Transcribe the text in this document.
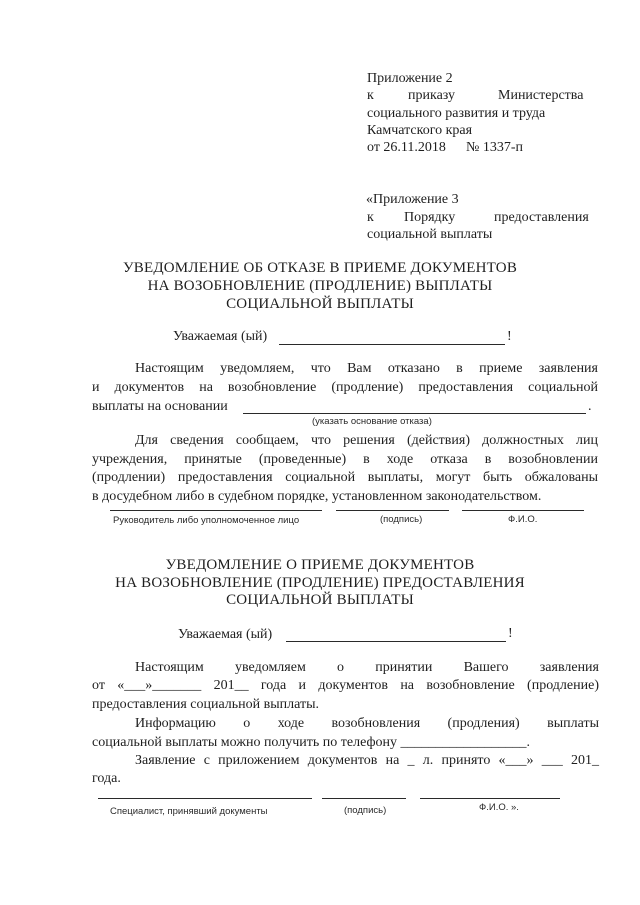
Приложение 2
к приказу	Министерства
социального развития и труда
Камчатского края
от 26.11.2018 № 1337-п
«Приложение 3
к Порядку	предоставления
социальной выплаты
УВЕДОМЛЕНИЕ ОБ ОТКАЗЕ В ПРИЕМЕ ДОКУМЕНТОВ
НА ВОЗОБНОВЛЕНИЕ (ПРОДЛЕНИЕ) ВЫПЛАТЫ
СОЦИАЛЬНОЙ ВЫПЛАТЫ
Уважаемая (ый)	!
Настоящим уведомляем, что Вам отказано в приеме заявления
и документов на возобновление (продление) предоставления социальной
выплаты на основании	.
(указать основание отказа)
Для сведения сообщаем, что решения (действия) должностных лиц
учреждения, принятые (проведенные) в ходе отказа в возобновлении
(продлении) предоставления социальной выплаты, могут быть обжалованы
в досудебном либо в судебном порядке, установленном законодательством.
Руководитель либо уполномоченное лицо	(подпись)	Ф.И.О.
УВЕДОМЛЕНИЕ О ПРИЕМЕ ДОКУМЕНТОВ
НА ВОЗОБНОВЛЕНИЕ (ПРОДЛЕНИЕ) ПРЕДОСТАВЛЕНИЯ
СОЦИАЛЬНОЙ ВЫПЛАТЫ
Уважаемая (ый)	!
Настоящим уведомляем о принятии Вашего заявления
от «___»_______ 201__ года и документов на возобновление (продление)
предоставления социальной выплаты.
Информацию о ходе возобновления (продления) выплаты
социальной выплаты можно получить по телефону __________________.
Заявление с приложением документов на _ л. принято «___» ___ 201_
года.
Специалист, принявший документы	(подпись)	Ф.И.О. ».
